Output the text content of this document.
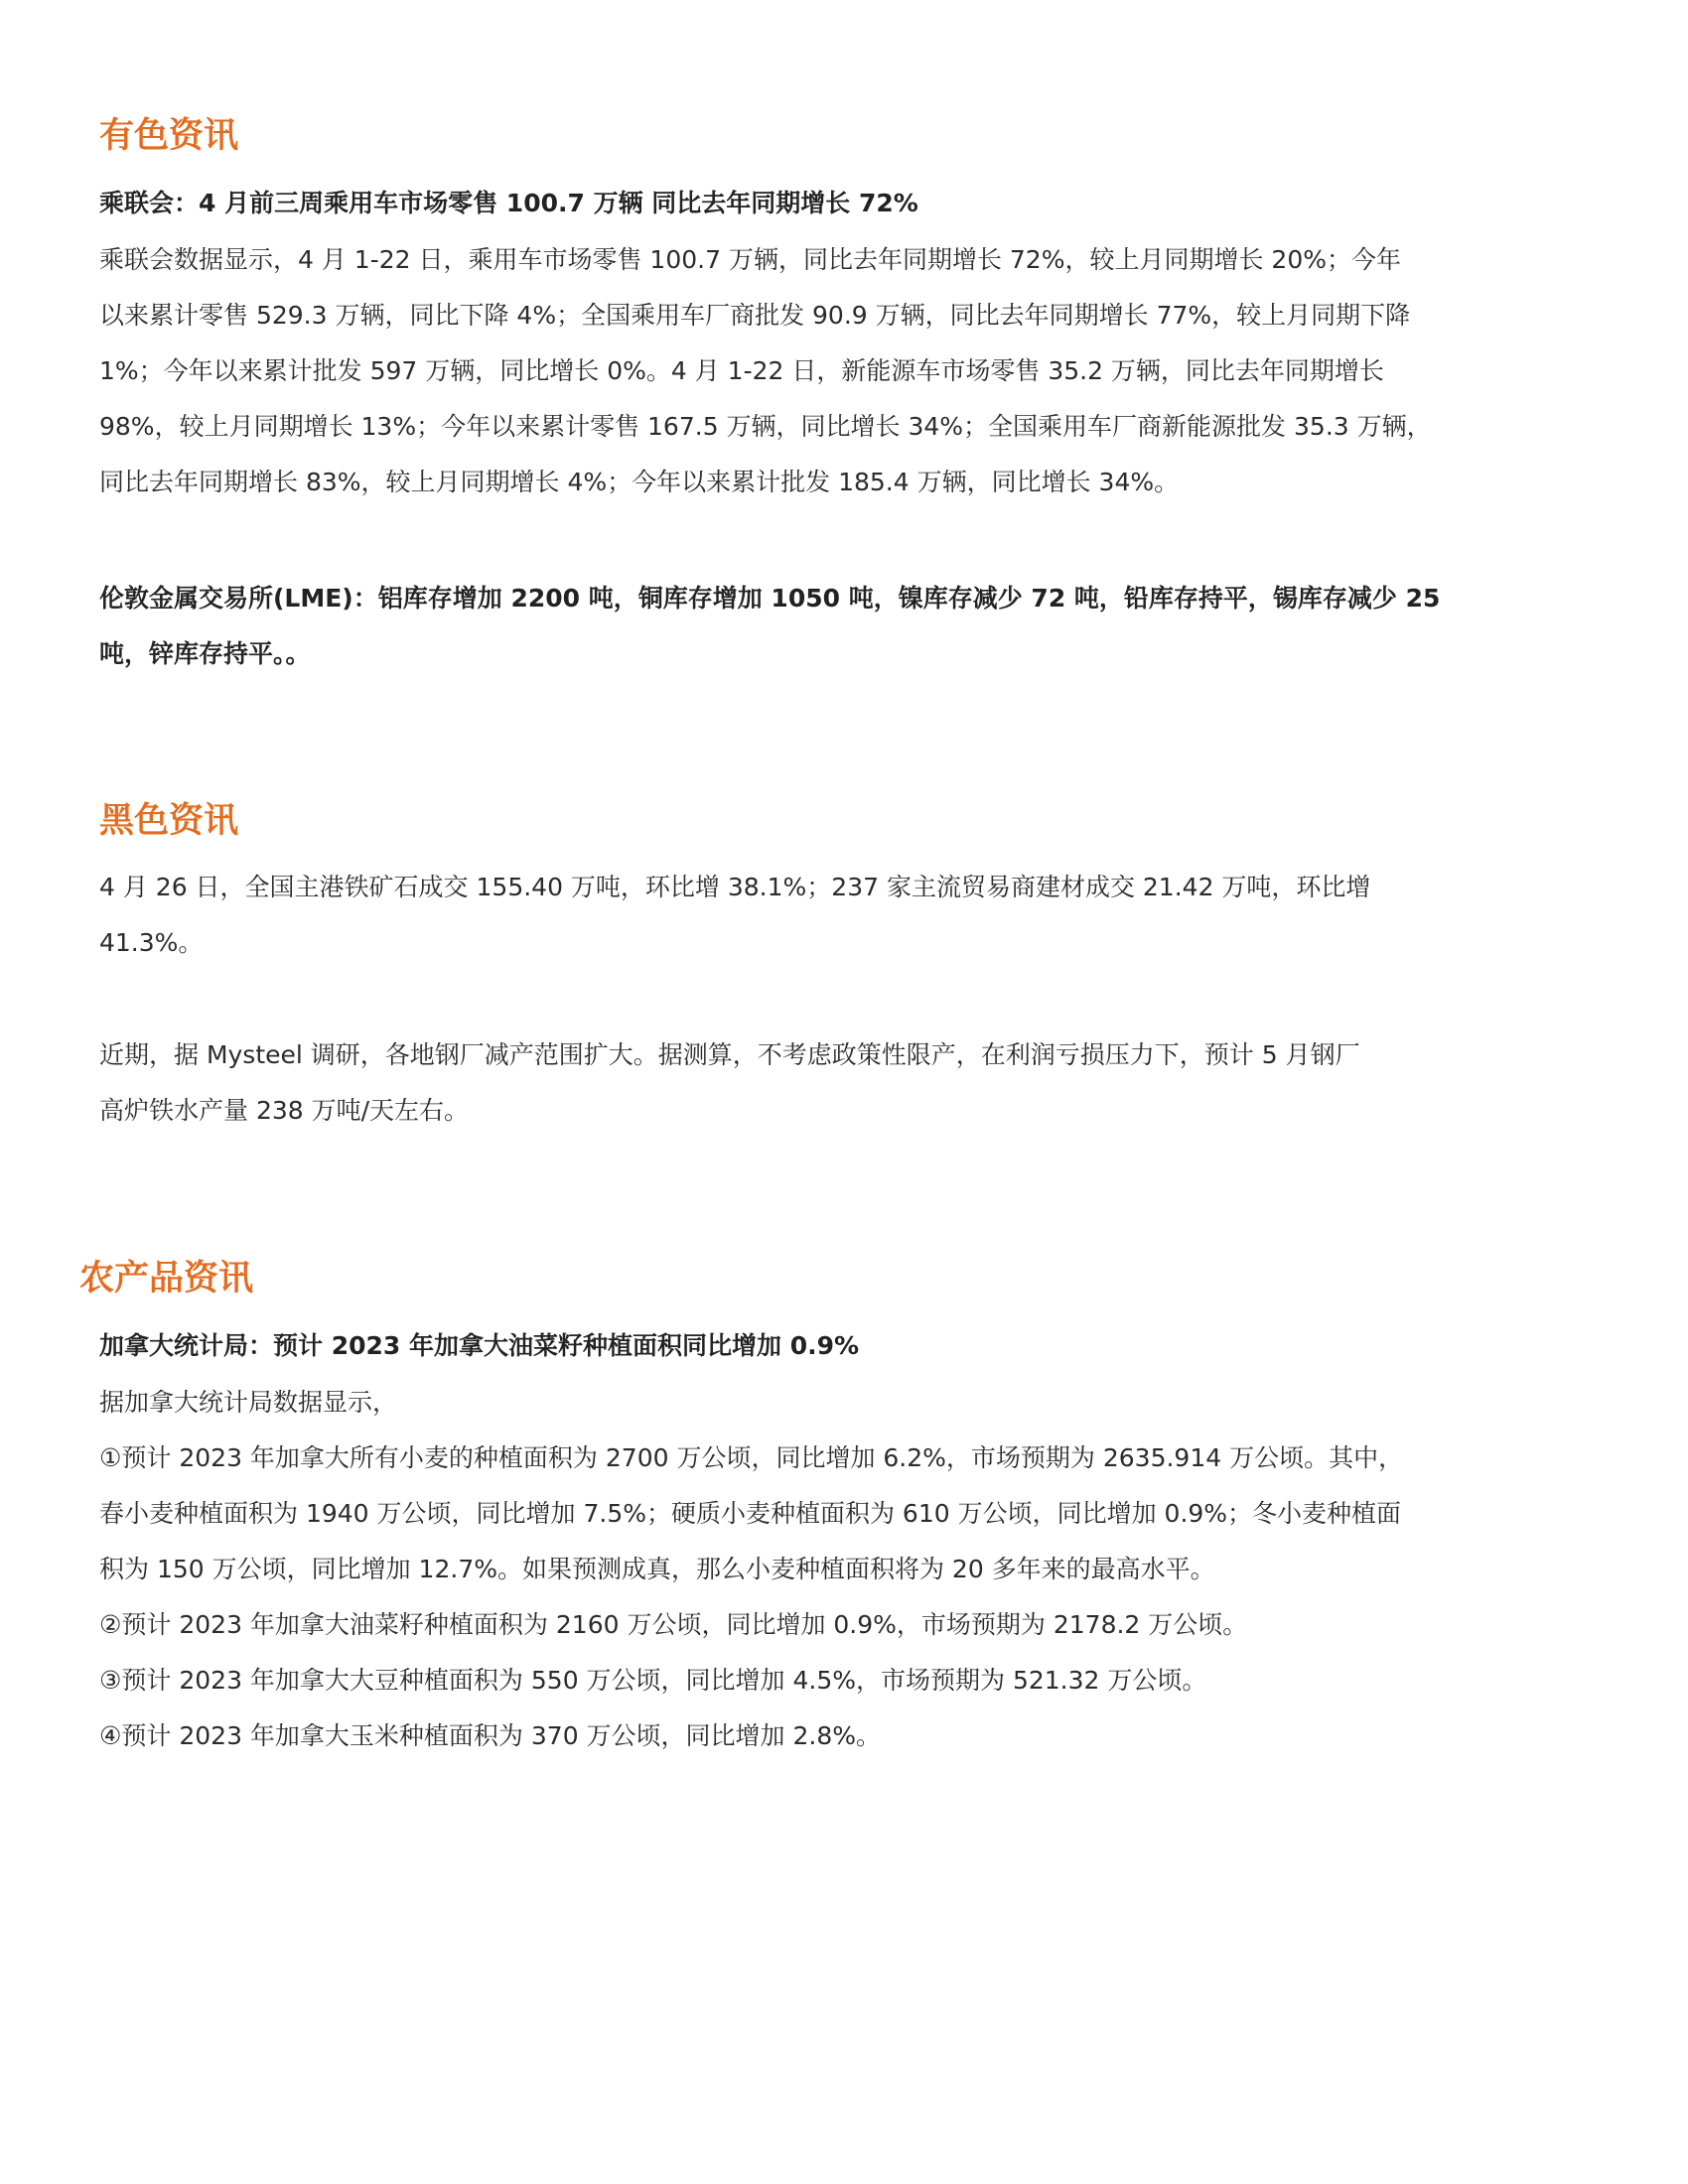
有色资讯

乘联会：4 月前三周乘用车市场零售 100.7 万辆 同比去年同期增长 72%

乘联会数据显示，4 月 1-22 日，乘用车市场零售 100.7 万辆，同比去年同期增长 72%，较上月同期增长 20%；今年
以来累计零售 529.3 万辆，同比下降 4%；全国乘用车厂商批发 90.9 万辆，同比去年同期增长 77%，较上月同期下降
1%；今年以来累计批发 597 万辆，同比增长 0%。4 月 1-22 日，新能源车市场零售 35.2 万辆，同比去年同期增长
98%，较上月同期增长 13%；今年以来累计零售 167.5 万辆，同比增长 34%；全国乘用车厂商新能源批发 35.3 万辆，
同比去年同期增长 83%，较上月同期增长 4%；今年以来累计批发 185.4 万辆，同比增长 34%。
伦敦金属交易所(LME)：铝库存增加 2200 吨，铜库存增加 1050 吨，镍库存减少 72 吨，铅库存持平，锡库存减少 25
吨，锌库存持平。。
黑色资讯
4 月 26 日，全国主港铁矿石成交 155.40 万吨，环比增 38.1%；237 家主流贸易商建材成交 21.42 万吨，环比增
41.3%。
近期，据 Mysteel 调研，各地钢厂减产范围扩大。据测算，不考虑政策性限产，在利润亏损压力下，预计 5 月钢厂
高炉铁水产量 238 万吨/天左右。
农产品资讯

加拿大统计局：预计 2023 年加拿大油菜籽种植面积同比增加 0.9%

据加拿大统计局数据显示，
①预计 2023 年加拿大所有小麦的种植面积为 2700 万公顷，同比增加 6.2%，市场预期为 2635.914 万公顷。其中，
春小麦种植面积为 1940 万公顷，同比增加 7.5%；硬质小麦种植面积为 610 万公顷，同比增加 0.9%；冬小麦种植面
积为 150 万公顷，同比增加 12.7%。如果预测成真，那么小麦种植面积将为 20 多年来的最高水平。
②预计 2023 年加拿大油菜籽种植面积为 2160 万公顷，同比增加 0.9%，市场预期为 2178.2 万公顷。
③预计 2023 年加拿大大豆种植面积为 550 万公顷，同比增加 4.5%，市场预期为 521.32 万公顷。
④预计 2023 年加拿大玉米种植面积为 370 万公顷，同比增加 2.8%。
